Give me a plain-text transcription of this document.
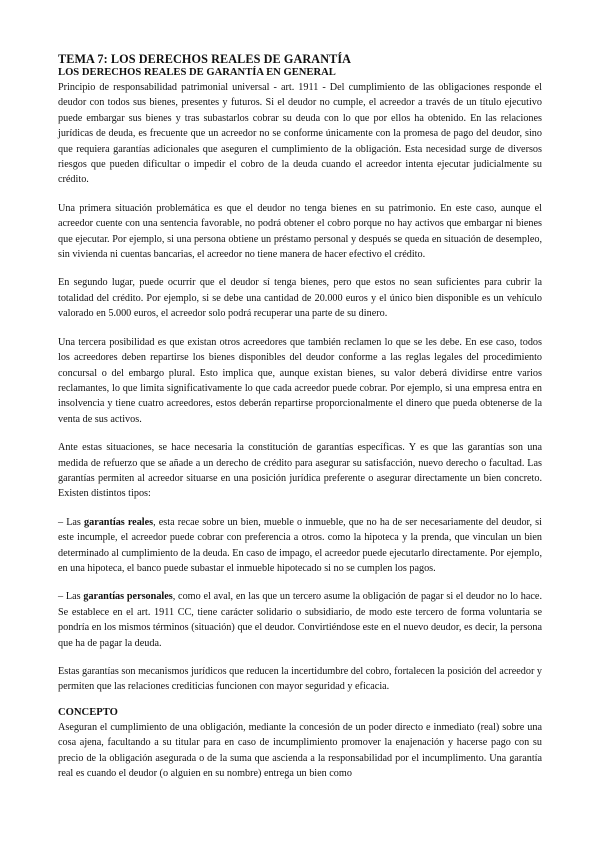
TEMA 7: LOS DERECHOS REALES DE GARANTÍA
LOS DERECHOS REALES DE GARANTÍA EN GENERAL

Principio de responsabilidad patrimonial universal - art. 1911 - Del cumplimiento de las obligaciones responde el deudor con todos sus bienes, presentes y futuros. Si el deudor no cumple, el acreedor a través de un título ejecutivo puede embargar sus bienes y tras subastarlos cobrar su deuda con lo que por ellos ha obtenido. En las relaciones jurídicas de deuda, es frecuente que un acreedor no se conforme únicamente con la promesa de pago del deudor, sino que requiera garantías adicionales que aseguren el cumplimiento de la obligación. Esta necesidad surge de diversos riesgos que pueden dificultar o impedir el cobro de la deuda cuando el acreedor intenta ejecutar judicialmente su crédito.

Una primera situación problemática es que el deudor no tenga bienes en su patrimonio. En este caso, aunque el acreedor cuente con una sentencia favorable, no podrá obtener el cobro porque no hay activos que embargar ni bienes que ejecutar. Por ejemplo, si una persona obtiene un préstamo personal y después se queda en situación de desempleo, sin vivienda ni cuentas bancarias, el acreedor no tiene manera de hacer efectivo el crédito.

En segundo lugar, puede ocurrir que el deudor sí tenga bienes, pero que estos no sean suficientes para cubrir la totalidad del crédito. Por ejemplo, si se debe una cantidad de 20.000 euros y el único bien disponible es un vehículo valorado en 5.000 euros, el acreedor solo podrá recuperar una parte de su dinero.

Una tercera posibilidad es que existan otros acreedores que también reclamen lo que se les debe. En ese caso, todos los acreedores deben repartirse los bienes disponibles del deudor conforme a las reglas legales del procedimiento concursal o del embargo plural. Esto implica que, aunque existan bienes, su valor deberá dividirse entre varios reclamantes, lo que limita significativamente lo que cada acreedor puede cobrar. Por ejemplo, si una empresa entra en insolvencia y tiene cuatro acreedores, estos deberán repartirse proporcionalmente el dinero que pueda obtenerse de la venta de sus activos.

Ante estas situaciones, se hace necesaria la constitución de garantías específicas. Y es que las garantías son una medida de refuerzo que se añade a un derecho de crédito para asegurar su satisfacción, nuevo derecho o facultad. Las garantías permiten al acreedor situarse en una posición jurídica preferente o asegurar directamente un bien concreto. Existen distintos tipos:

– Las garantías reales, esta recae sobre un bien, mueble o inmueble, que no ha de ser necesariamente del deudor, si este incumple, el acreedor puede cobrar con preferencia a otros. como la hipoteca y la prenda, que vinculan un bien determinado al cumplimiento de la deuda. En caso de impago, el acreedor puede ejecutarlo directamente. Por ejemplo, en una hipoteca, el banco puede subastar el inmueble hipotecado si no se cumplen los pagos.

– Las garantías personales, como el aval, en las que un tercero asume la obligación de pagar si el deudor no lo hace. Se establece en el art. 1911 CC, tiene carácter solidario o subsidiario, de modo este tercero de forma voluntaria se pondría en los mismos términos (situación) que el deudor. Convirtiéndose este en el nuevo deudor, es decir, la persona que ha de pagar la deuda.

Estas garantías son mecanismos jurídicos que reducen la incertidumbre del cobro, fortalecen la posición del acreedor y permiten que las relaciones crediticias funcionen con mayor seguridad y eficacia.

CONCEPTO

Aseguran el cumplimiento de una obligación, mediante la concesión de un poder directo e inmediato (real) sobre una cosa ajena, facultando a su titular para en caso de incumplimiento promover la enajenación y hacerse pago con su precio de la obligación asegurada o de la suma que ascienda a la responsabilidad por el incumplimento. Una garantía real es cuando el deudor (o alguien en su nombre) entrega un bien como
